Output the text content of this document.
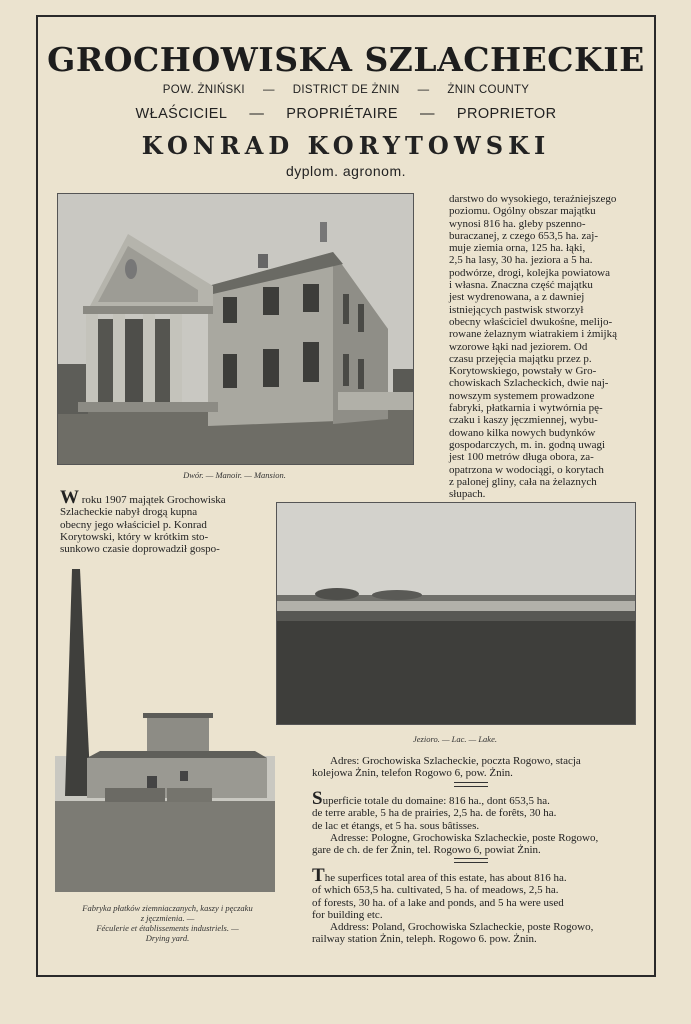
GROCHOWISKA SZLACHECKIE
POW. ŻNIŃSKI — DISTRICT DE ŻNIN — ŻNIN COUNTY
WŁAŚCICIEL — PROPRIÉTAIRE — PROPRIETOR
KONRAD KORYTOWSKI
dyplom. agronom.
Dwór. — Manoir. — Mansion.
darstwo do wysokiego, teraźniejszego
poziomu. Ogólny obszar majątku
wynosi 816 ha. gleby pszenno-
buraczanej, z czego 653,5 ha. zaj-
muje ziemia orna, 125 ha. łąki,
2,5 ha lasy, 30 ha. jeziora a 5 ha.
podwórze, drogi, kolejka powiatowa
i własna. Znaczna część majątku
jest wydrenowana, a z dawniej
istniejących pastwisk stworzył
obecny właściciel dwukośne, melijo-
rowane żelaznym wiatrakiem i żmijką
wzorowe łąki nad jeziorem. Od
czasu przejęcia majątku przez p.
Korytowskiego, powstały w Gro-
chowiskach Szlacheckich, dwie naj-
nowszym systemem prowadzone
fabryki, płatkarnia i wytwórnia pę-
czaku i kaszy jęczmiennej, wybu-
dowano kilka nowych budynków
gospodarczych, m. in. godną uwagi
jest 100 metrów długa obora, za-
opatrzona w wodociągi, o korytach
z palonej gliny, cała na żelaznych
słupach.
W roku 1907 majątek Grochowiska
Szlacheckie nabył drogą kupna
obecny jego właściciel p. Konrad
Korytowski, który w krótkim sto-
sunkowo czasie doprowadził gospo-
Jezioro. — Lac. — Lake.
Fabryka płatków ziemniaczanych, kaszy i pęczaku
z jęczmienia. —
Féculerie et établissements industriels. —
Drying yard.
Adres: Grochowiska Szlacheckie, poczta Rogowo, stacja
kolejowa Żnin, telefon Rogowo 6, pow. Żnin.
Superficie totale du domaine: 816 ha., dont 653,5 ha.
de terre arable, 5 ha de prairies, 2,5 ha. de forêts, 30 ha.
de lac et étangs, et 5 ha. sous bâtisses.
Adresse: Pologne, Grochowiska Szlacheckie, poste Rogowo,
gare de ch. de fer Żnin, tel. Rogowo 6, powiat Żnin.
The superfices total area of this estate, has about 816 ha.
of which 653,5 ha. cultivated, 5 ha. of meadows, 2,5 ha.
of forests, 30 ha. of a lake and ponds, and 5 ha were used
for building etc.
Address: Poland, Grochowiska Szlacheckie, poste Rogowo,
railway station Żnin, teleph. Rogowo 6. pow. Żnin.
